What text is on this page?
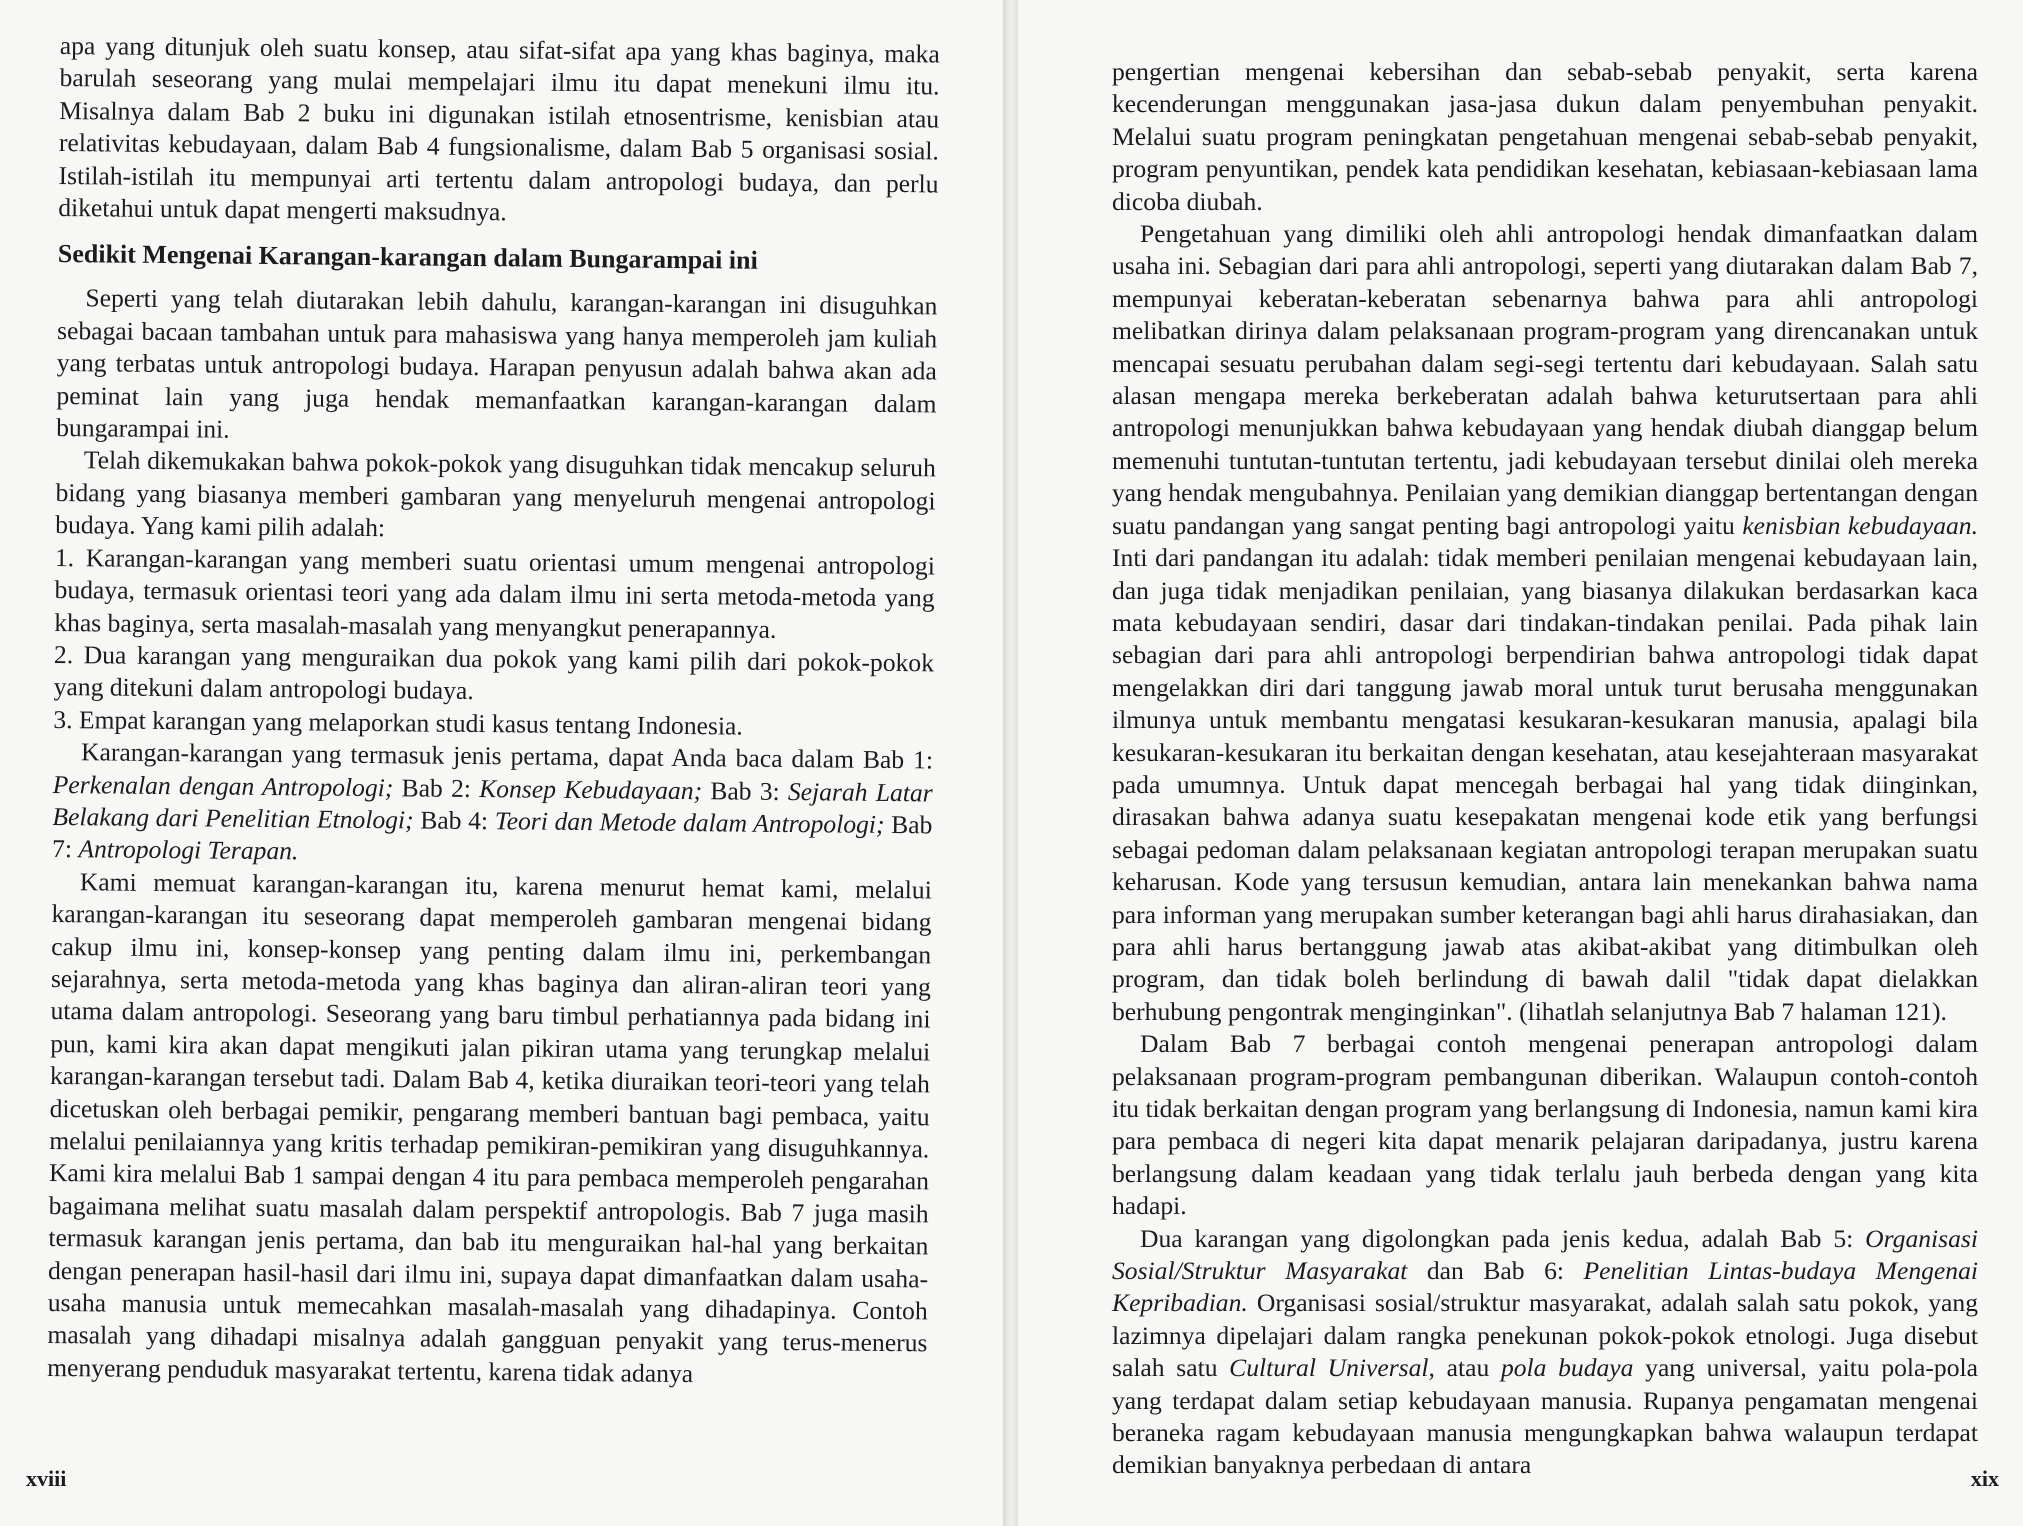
apa yang ditunjuk oleh suatu konsep, atau sifat-sifat apa yang khas baginya, maka barulah seseorang yang mulai mempelajari ilmu itu dapat menekuni ilmu itu. Misalnya dalam Bab 2 buku ini digunakan istilah etnosentrisme, kenisbian atau relativitas kebudayaan, dalam Bab 4 fungsionalisme, dalam Bab 5 organisasi sosial. Istilah-istilah itu mempunyai arti tertentu dalam antropologi budaya, dan perlu diketahui untuk dapat mengerti maksudnya.

Sedikit Mengenai Karangan-karangan dalam Bungarampai ini

Seperti yang telah diutarakan lebih dahulu, karangan-karangan ini disuguhkan sebagai bacaan tambahan untuk para mahasiswa yang hanya memperoleh jam kuliah yang terbatas untuk antropologi budaya. Harapan penyusun adalah bahwa akan ada peminat lain yang juga hendak memanfaatkan karangan-karangan dalam bungarampai ini.

Telah dikemukakan bahwa pokok-pokok yang disuguhkan tidak mencakup seluruh bidang yang biasanya memberi gambaran yang menyeluruh mengenai antropologi budaya. Yang kami pilih adalah:

1. Karangan-karangan yang memberi suatu orientasi umum mengenai antropologi budaya, termasuk orientasi teori yang ada dalam ilmu ini serta metoda-metoda yang khas baginya, serta masalah-masalah yang menyangkut penerapannya.

2. Dua karangan yang menguraikan dua pokok yang kami pilih dari pokok-pokok yang ditekuni dalam antropologi budaya.

3. Empat karangan yang melaporkan studi kasus tentang Indonesia.

Karangan-karangan yang termasuk jenis pertama, dapat Anda baca dalam Bab 1: Perkenalan dengan Antropologi; Bab 2: Konsep Kebudayaan; Bab 3: Sejarah Latar Belakang dari Penelitian Etnologi; Bab 4: Teori dan Metode dalam Antropologi; Bab 7: Antropologi Terapan.

Kami memuat karangan-karangan itu, karena menurut hemat kami, melalui karangan-karangan itu seseorang dapat memperoleh gambaran mengenai bidang cakup ilmu ini, konsep-konsep yang penting dalam ilmu ini, perkembangan sejarahnya, serta metoda-metoda yang khas baginya dan aliran-aliran teori yang utama dalam antropologi. Seseorang yang baru timbul perhatiannya pada bidang ini pun, kami kira akan dapat mengikuti jalan pikiran utama yang terungkap melalui karangan-karangan tersebut tadi. Dalam Bab 4, ketika diuraikan teori-teori yang telah dicetuskan oleh berbagai pemikir, pengarang memberi bantuan bagi pembaca, yaitu melalui penilaiannya yang kritis terhadap pemikiran-pemikiran yang disuguhkannya. Kami kira melalui Bab 1 sampai dengan 4 itu para pembaca memperoleh pengarahan bagaimana melihat suatu masalah dalam perspektif antropologis. Bab 7 juga masih termasuk karangan jenis pertama, dan bab itu menguraikan hal-hal yang berkaitan dengan penerapan hasil-hasil dari ilmu ini, supaya dapat dimanfaatkan dalam usaha-usaha manusia untuk memecahkan masalah-masalah yang dihadapinya. Contoh masalah yang dihadapi misalnya adalah gangguan penyakit yang terus-menerus menyerang penduduk masyarakat tertentu, karena tidak adanya

xviii

pengertian mengenai kebersihan dan sebab-sebab penyakit, serta karena kecenderungan menggunakan jasa-jasa dukun dalam penyembuhan penyakit. Melalui suatu program peningkatan pengetahuan mengenai sebab-sebab penyakit, program penyuntikan, pendek kata pendidikan kesehatan, kebiasaan-kebiasaan lama dicoba diubah.

Pengetahuan yang dimiliki oleh ahli antropologi hendak dimanfaatkan dalam usaha ini. Sebagian dari para ahli antropologi, seperti yang diutarakan dalam Bab 7, mempunyai keberatan-keberatan sebenarnya bahwa para ahli antropologi melibatkan dirinya dalam pelaksanaan program-program yang direncanakan untuk mencapai sesuatu perubahan dalam segi-segi tertentu dari kebudayaan. Salah satu alasan mengapa mereka berkeberatan adalah bahwa keturutsertaan para ahli antropologi menunjukkan bahwa kebudayaan yang hendak diubah dianggap belum memenuhi tuntutan-tuntutan tertentu, jadi kebudayaan tersebut dinilai oleh mereka yang hendak mengubahnya. Penilaian yang demikian dianggap bertentangan dengan suatu pandangan yang sangat penting bagi antropologi yaitu kenisbian kebudayaan. Inti dari pandangan itu adalah: tidak memberi penilaian mengenai kebudayaan lain, dan juga tidak menjadikan penilaian, yang biasanya dilakukan berdasarkan kaca mata kebudayaan sendiri, dasar dari tindakan-tindakan penilai. Pada pihak lain sebagian dari para ahli antropologi berpendirian bahwa antropologi tidak dapat mengelakkan diri dari tanggung jawab moral untuk turut berusaha menggunakan ilmunya untuk membantu mengatasi kesukaran-kesukaran manusia, apalagi bila kesukaran-kesukaran itu berkaitan dengan kesehatan, atau kesejahteraan masyarakat pada umumnya. Untuk dapat mencegah berbagai hal yang tidak diinginkan, dirasakan bahwa adanya suatu kesepakatan mengenai kode etik yang berfungsi sebagai pedoman dalam pelaksanaan kegiatan antropologi terapan merupakan suatu keharusan. Kode yang tersusun kemudian, antara lain menekankan bahwa nama para informan yang merupakan sumber keterangan bagi ahli harus dirahasiakan, dan para ahli harus bertanggung jawab atas akibat-akibat yang ditimbulkan oleh program, dan tidak boleh berlindung di bawah dalil "tidak dapat dielakkan berhubung pengontrak menginginkan". (lihatlah selanjutnya Bab 7 halaman 121).

Dalam Bab 7 berbagai contoh mengenai penerapan antropologi dalam pelaksanaan program-program pembangunan diberikan. Walaupun contoh-contoh itu tidak berkaitan dengan program yang berlangsung di Indonesia, namun kami kira para pembaca di negeri kita dapat menarik pelajaran daripadanya, justru karena berlangsung dalam keadaan yang tidak terlalu jauh berbeda dengan yang kita hadapi.

Dua karangan yang digolongkan pada jenis kedua, adalah Bab 5: Organisasi Sosial/Struktur Masyarakat dan Bab 6: Penelitian Lintas-budaya Mengenai Kepribadian. Organisasi sosial/struktur masyarakat, adalah salah satu pokok, yang lazimnya dipelajari dalam rangka penekunan pokok-pokok etnologi. Juga disebut salah satu Cultural Universal, atau pola budaya yang universal, yaitu pola-pola yang terdapat dalam setiap kebudayaan manusia. Rupanya pengamatan mengenai beraneka ragam kebudayaan manusia mengungkapkan bahwa walaupun terdapat demikian banyaknya perbedaan di antara	xix
